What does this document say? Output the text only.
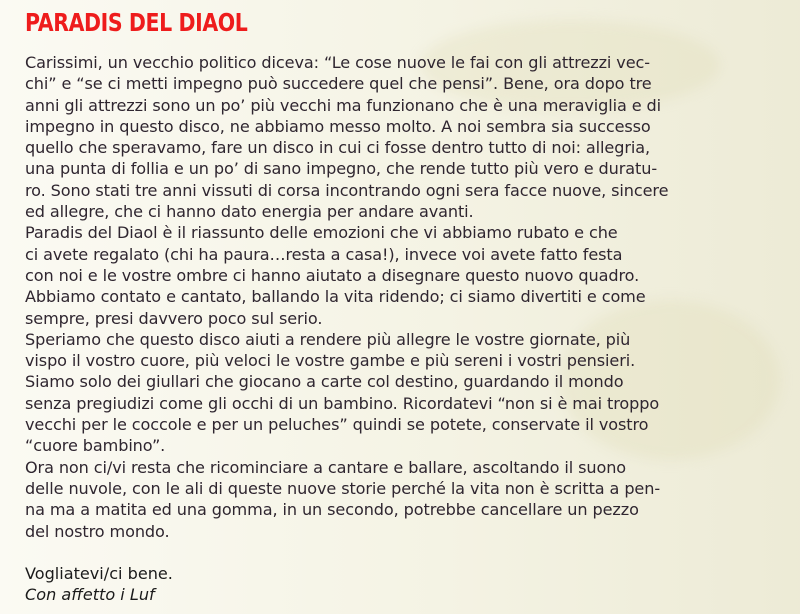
PARADIS DEL DIAOL
Carissimi, un vecchio politico diceva: “Le cose nuove le fai con gli attrezzi vec-
chi” e “se ci metti impegno può succedere quel che pensi”. Bene, ora dopo tre
anni gli attrezzi sono un po’ più vecchi ma funzionano che è una meraviglia e di
impegno in questo disco, ne abbiamo messo molto. A noi sembra sia successo
quello che speravamo, fare un disco in cui ci fosse dentro tutto di noi: allegria,
una punta di follia e un po’ di sano impegno, che rende tutto più vero e duratu-
ro. Sono stati tre anni vissuti di corsa incontrando ogni sera facce nuove, sincere
ed allegre, che ci hanno dato energia per andare avanti.
Paradis del Diaol è il riassunto delle emozioni che vi abbiamo rubato e che
ci avete regalato (chi ha paura…resta a casa!), invece voi avete fatto festa
con noi e le vostre ombre ci hanno aiutato a disegnare questo nuovo quadro.
Abbiamo contato e cantato, ballando la vita ridendo; ci siamo divertiti e come
sempre, presi davvero poco sul serio.
Speriamo che questo disco aiuti a rendere più allegre le vostre giornate, più
vispo il vostro cuore, più veloci le vostre gambe e più sereni i vostri pensieri.
Siamo solo dei giullari che giocano a carte col destino, guardando il mondo
senza pregiudizi come gli occhi di un bambino. Ricordatevi “non si è mai troppo
vecchi per le coccole e per un peluches” quindi se potete, conservate il vostro
“cuore bambino”.
Ora non ci/vi resta che ricominciare a cantare e ballare, ascoltando il suono
delle nuvole, con le ali di queste nuove storie perché la vita non è scritta a pen-
na ma a matita ed una gomma, in un secondo, potrebbe cancellare un pezzo
del nostro mondo.
Vogliatevi/ci bene.
Con affetto i Luf
